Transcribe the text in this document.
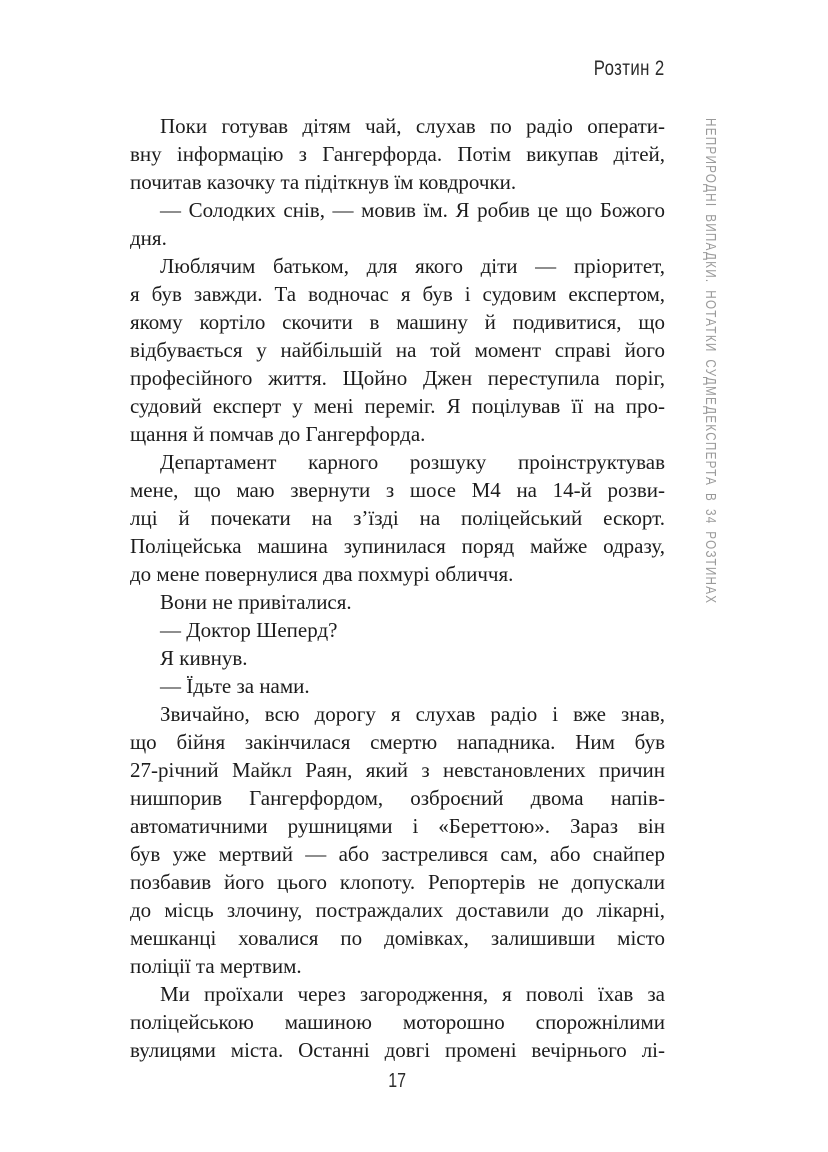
Розтин 2
НЕПРИРОДНІ ВИПАДКИ. НОТАТКИ СУДМЕДЕКСПЕРТА В 34 РОЗТИНАХ
Поки готував дітям чай, слухав по радіо операти-
вну інформацію з Гангерфорда. Потім викупав дітей,
почитав казочку та підіткнув їм ковдрочки.
— Солодких снів, — мовив їм. Я робив це що Божого
дня.
Люблячим батьком, для якого діти — пріоритет,
я був завжди. Та водночас я був і судовим експертом,
якому кортіло скочити в машину й подивитися, що
відбувається у найбільшій на той момент справі його
професійного життя. Щойно Джен переступила поріг,
судовий експерт у мені переміг. Я поцілував її на про-
щання й помчав до Гангерфорда.
Департамент карного розшуку проінструктував
мене, що маю звернути з шосе М4 на 14-й розви-
лці й почекати на з’їзді на поліцейський ескорт.
Поліцейська машина зупинилася поряд майже одразу,
до мене повернулися два похмурі обличчя.
Вони не привіталися.
— Доктор Шеперд?
Я кивнув.
— Їдьте за нами.
Звичайно, всю дорогу я слухав радіо і вже знав,
що бійня закінчилася смертю нападника. Ним був
27-річний Майкл Раян, який з невстановлених причин
нишпорив Гангерфордом, озброєний двома напів-
автоматичними рушницями і «Береттою». Зараз він
був уже мертвий — або застрелився сам, або снайпер
позбавив його цього клопоту. Репортерів не допускали
до місць злочину, постраждалих доставили до лікарні,
мешканці ховалися по домівках, залишивши місто
поліції та мертвим.
Ми проїхали через загородження, я поволі їхав за
поліцейською машиною моторошно спорожнілими
вулицями міста. Останні довгі промені вечірнього лі-
17
